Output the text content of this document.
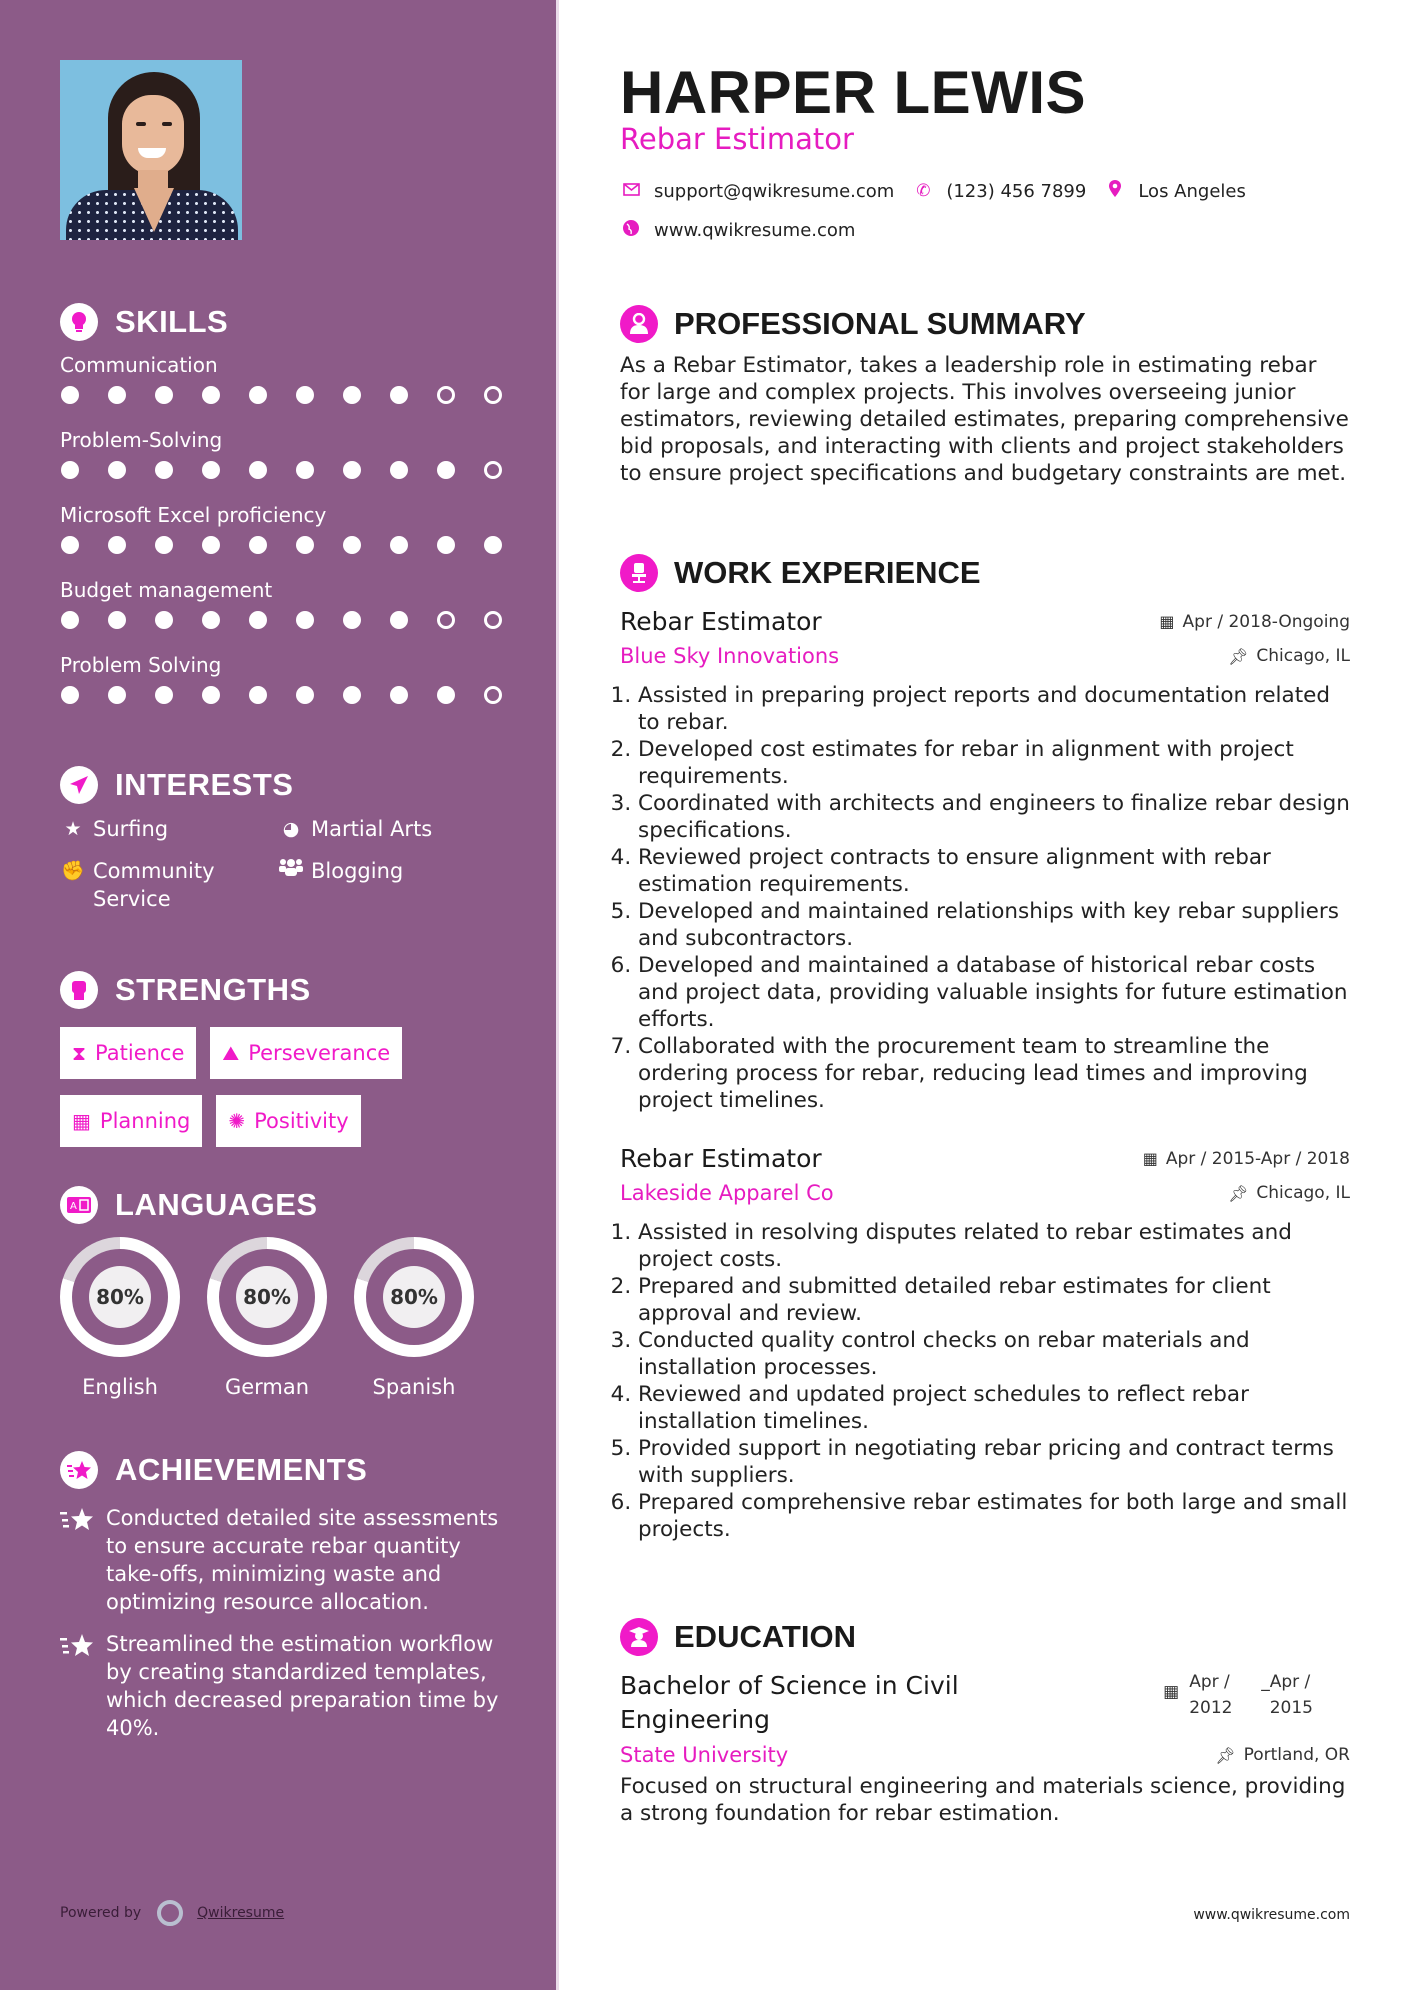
SKILLS
Communication
Problem-Solving
Microsoft Excel proficiency
Budget management
Problem Solving
INTERESTS
★ Surfing	◕ Martial Arts
✊ Community Service
Blogging
STRENGTHS
⧗ Patience ⛰ Perseverance
▦ Planning ✺ Positivity
A LANGUAGES
80%
English
80%
German
80%
Spanish
ACHIEVEMENTS
Conducted detailed site assessments to ensure accurate rebar quantity take-offs, minimizing waste and optimizing resource allocation.
Streamlined the estimation workflow by creating standardized templates, which decreased preparation time by 40%.
Powered by	Qwikresume
HARPER LEWIS
Rebar Estimator
support@qwikresume.com ✆ (123) 456 7899	Los Angeles
www.qwikresume.com
PROFESSIONAL SUMMARY
As a Rebar Estimator, takes a leadership role in estimating rebar for large and complex projects. This involves overseeing junior estimators, reviewing detailed estimates, preparing comprehensive bid proposals, and interacting with clients and project stakeholders to ensure project specifications and budgetary constraints are met.
WORK EXPERIENCE
Rebar Estimator	▦ Apr / 2018-Ongoing
Blue Sky Innovations	📌︎ Chicago, IL
1. Assisted in preparing project reports and documentation related to rebar.
2. Developed cost estimates for rebar in alignment with project requirements.
3. Coordinated with architects and engineers to finalize rebar design specifications.
4. Reviewed project contracts to ensure alignment with rebar estimation requirements.
5. Developed and maintained relationships with key rebar suppliers and subcontractors.
6. Developed and maintained a database of historical rebar costs and project data, providing valuable insights for future estimation efforts.
7. Collaborated with the procurement team to streamline the ordering process for rebar, reducing lead times and improving project timelines.
Rebar Estimator	▦ Apr / 2015-Apr / 2018
Lakeside Apparel Co	📌︎ Chicago, IL
1. Assisted in resolving disputes related to rebar estimates and project costs.
2. Prepared and submitted detailed rebar estimates for client approval and review.
3. Conducted quality control checks on rebar materials and installation processes.
4. Reviewed and updated project schedules to reflect rebar installation timelines.
5. Provided support in negotiating rebar pricing and contract terms with suppliers.
6. Prepared comprehensive rebar estimates for both large and small projects.
EDUCATION
Bachelor of Science in Civil Engineering
▦ Apr /
2012
_ Apr /
2015
State University	📌︎ Portland, OR
Focused on structural engineering and materials science, providing a strong foundation for rebar estimation.
www.qwikresume.com
